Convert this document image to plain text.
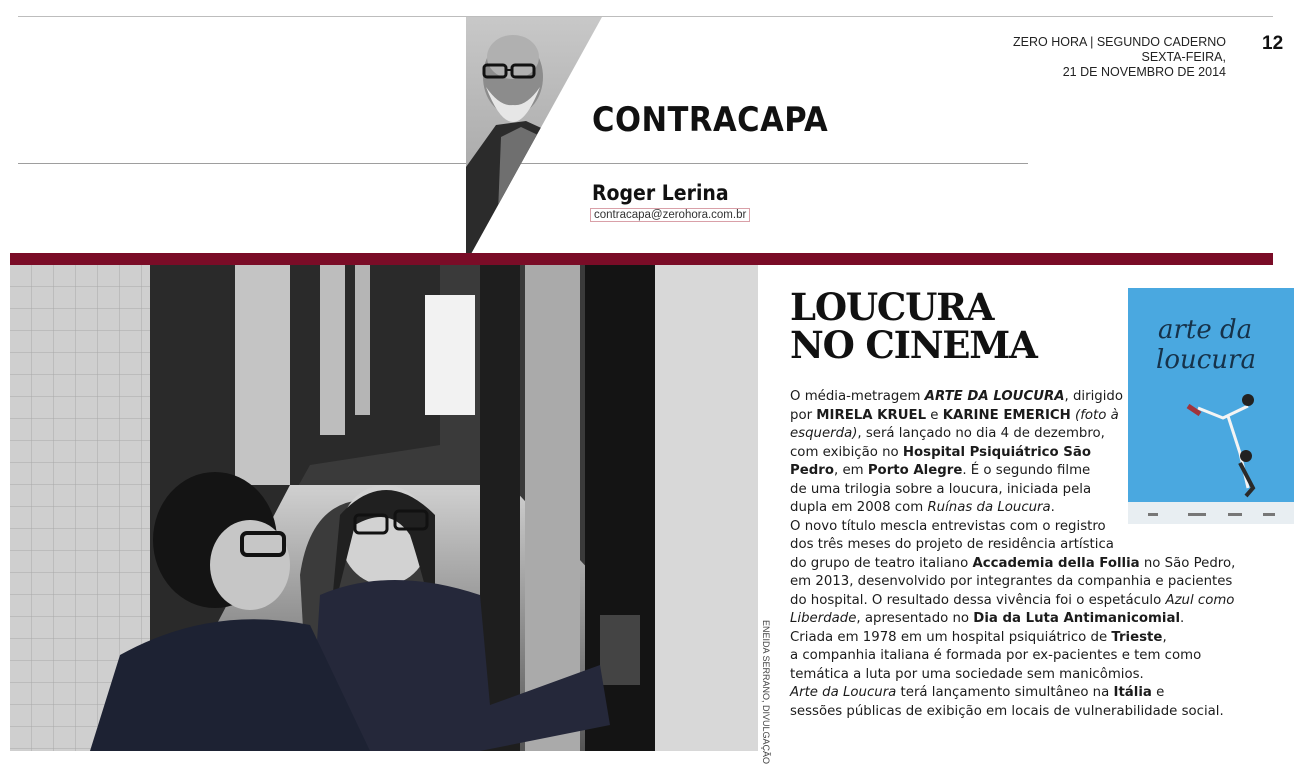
CONTRACAPA
Roger Lerina
contracapa@zerohora.com.br
ZERO HORA | SEGUNDO CADERNO
SEXTA-FEIRA,
21 DE NOVEMBRO DE 2014
12
ENEIDA SERRANO, DIVULGAÇÃO
LOUCURA
NO CINEMA	arte da
loucura
O média-metragem ARTE DA LOUCURA, dirigido
por MIRELA KRUEL e KARINE EMERICH (foto à
esquerda), será lançado no dia 4 de dezembro,
com exibição no Hospital Psiquiátrico São
Pedro, em Porto Alegre. É o segundo filme
de uma trilogia sobre a loucura, iniciada pela
dupla em 2008 com Ruínas da Loucura.
O novo título mescla entrevistas com o registro
dos três meses do projeto de residência artística
do grupo de teatro italiano Accademia della Follia no São Pedro,
em 2013, desenvolvido por integrantes da companhia e pacientes
do hospital. O resultado dessa vivência foi o espetáculo Azul como
Liberdade, apresentado no Dia da Luta Antimanicomial.
Criada em 1978 em um hospital psiquiátrico de Trieste,
a companhia italiana é formada por ex-pacientes e tem como
temática a luta por uma sociedade sem manicômios.
Arte da Loucura terá lançamento simultâneo na Itália e
sessões públicas de exibição em locais de vulnerabilidade social.
